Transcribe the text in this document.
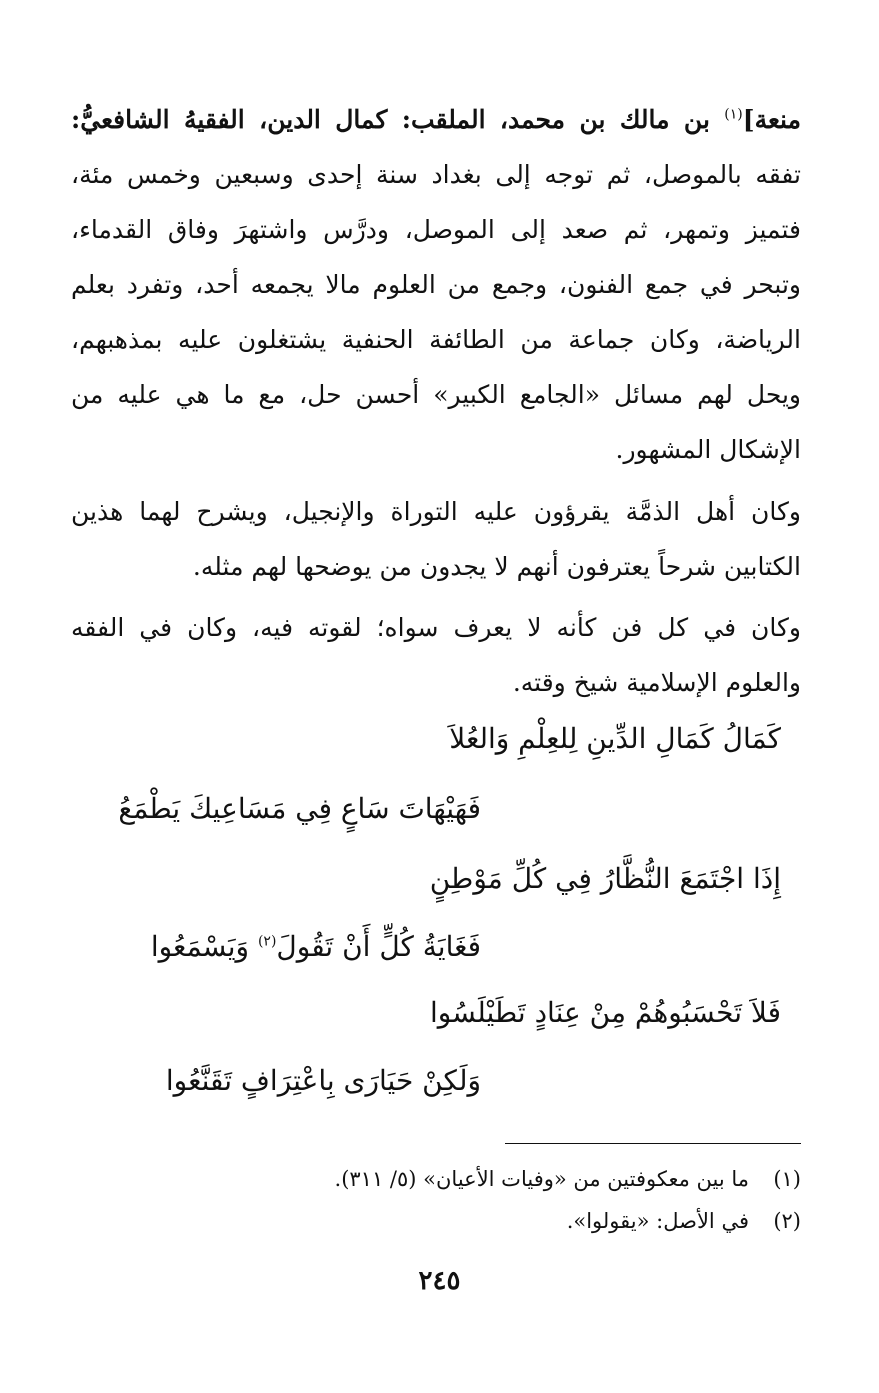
منعة]$^{(١)}$ بن مالك بن محمد، الملقب: كمال الدين، الفقيهُ الشافعيُّ:
تفقه بالموصل، ثم توجه إلى بغداد سنة إحدى وسبعين وخمس مئة،
فتميز وتمهر، ثم صعد إلى الموصل، ودرَّس واشتهرَ وفاق القدماء،
وتبحر في جمع الفنون، وجمع من العلوم مالا يجمعه أحد، وتفرد بعلم
الرياضة، وكان جماعة من الطائفة الحنفية يشتغلون عليه بمذهبهم،
ويحل لهم مسائل «الجامع الكبير» أحسن حل، مع ما هي عليه من
الإشكال المشهور.
وكان أهل الذمَّة يقرؤون عليه التوراة والإنجيل، ويشرح لهما هذين
الكتابين شرحاً يعترفون أنهم لا يجدون من يوضحها لهم مثله.
وكان في كل فن كأنه لا يعرف سواه؛ لقوته فيه، وكان في الفقه
والعلوم الإسلامية شيخ وقته.
كَمَالُ كَمَالِ الدِّينِ لِلعِلْمِ وَالعُلاَ
فَهَيْهَاتَ سَاعٍ فِي مَسَاعِيكَ يَطْمَعُ
إِذَا اجْتَمَعَ النُّظَّارُ فِي كُلِّ مَوْطِنٍ
فَغَايَةُ كُلٍّ أَنْ تَقُولَ$^{(٢)}$ وَيَسْمَعُوا
فَلاَ تَحْسَبُوهُمْ مِنْ عِنَادٍ تَطَيْلَسُوا
وَلَكِنْ حَيَارَى بِاعْتِرَافٍ تَقَنَّعُوا
(١)ما بين معكوفتين من «وفيات الأعيان» (٥/ ٣١١).
(٢)في الأصل: «يقولوا».
٢٤٥
